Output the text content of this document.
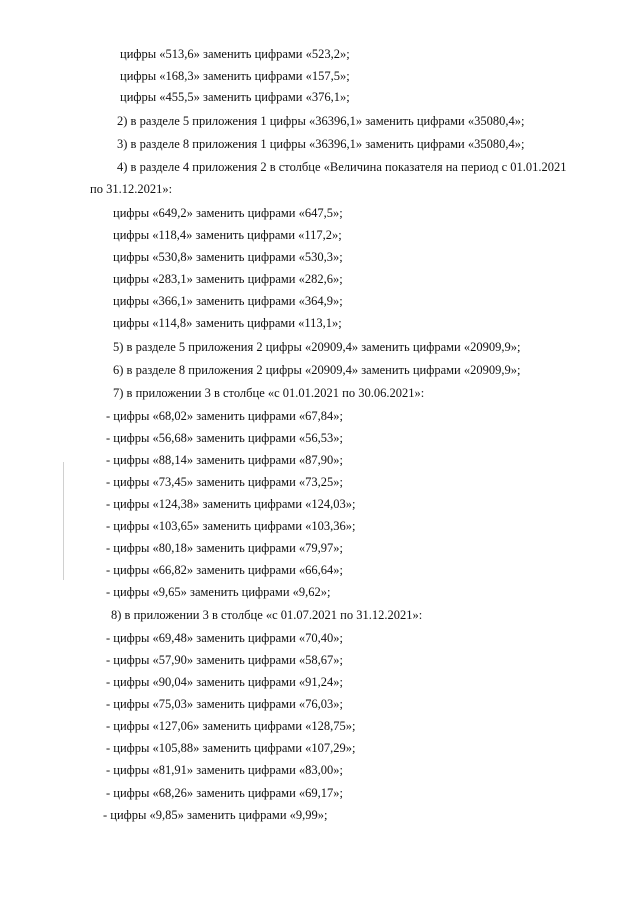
цифры «513,6» заменить цифрами «523,2»;
цифры «168,3» заменить цифрами «157,5»;
цифры «455,5» заменить цифрами «376,1»;
2) в разделе 5 приложения 1 цифры «36396,1» заменить цифрами «35080,4»;
3) в разделе 8 приложения 1 цифры «36396,1» заменить цифрами «35080,4»;
4) в разделе 4 приложения 2 в столбце «Величина показателя на период с 01.01.2021
по 31.12.2021»:
цифры «649,2» заменить цифрами «647,5»;
цифры «118,4» заменить цифрами «117,2»;
цифры «530,8» заменить цифрами «530,3»;
цифры «283,1» заменить цифрами «282,6»;
цифры «366,1» заменить цифрами «364,9»;
цифры «114,8» заменить цифрами «113,1»;
5) в разделе 5 приложения 2 цифры «20909,4» заменить цифрами «20909,9»;
6) в разделе 8 приложения 2 цифры «20909,4» заменить цифрами «20909,9»;
7) в приложении 3 в столбце «с 01.01.2021 по 30.06.2021»:
- цифры «68,02» заменить цифрами «67,84»;
- цифры «56,68» заменить цифрами «56,53»;
- цифры «88,14» заменить цифрами «87,90»;
- цифры «73,45» заменить цифрами «73,25»;
- цифры «124,38» заменить цифрами «124,03»;
- цифры «103,65» заменить цифрами «103,36»;
- цифры «80,18» заменить цифрами «79,97»;
- цифры «66,82» заменить цифрами «66,64»;
- цифры «9,65» заменить цифрами «9,62»;
8) в приложении 3 в столбце «с 01.07.2021 по 31.12.2021»:
- цифры «69,48» заменить цифрами «70,40»;
- цифры «57,90» заменить цифрами «58,67»;
- цифры «90,04» заменить цифрами «91,24»;
- цифры «75,03» заменить цифрами «76,03»;
- цифры «127,06» заменить цифрами «128,75»;
- цифры «105,88» заменить цифрами «107,29»;
- цифры «81,91» заменить цифрами «83,00»;
- цифры «68,26» заменить цифрами «69,17»;
- цифры «9,85» заменить цифрами «9,99»;
